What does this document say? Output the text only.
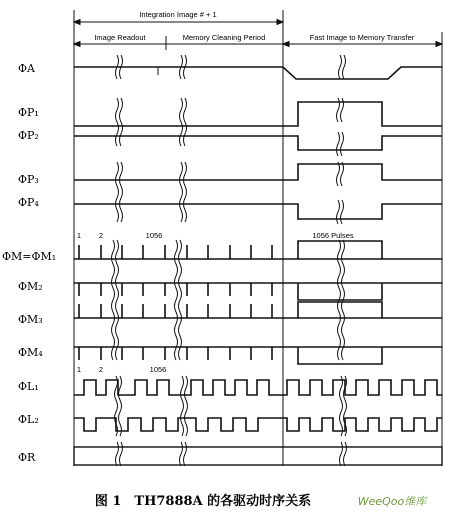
Integration Image # + 1
Image Readout	Memory Cleaning Period	Fast Image to Memory Transfer
ΦA
ΦP₁
ΦP₂
ΦP₃
ΦP₄
ΦM=ΦM₁
ΦM₂
ΦM₃
ΦM₄
ΦL₁
ΦL₂
ΦR
1 2	1056	1056 Pulses
1 2	1056
图 1　TH7888A 的各驱动时序关系	WeeQoo维库
